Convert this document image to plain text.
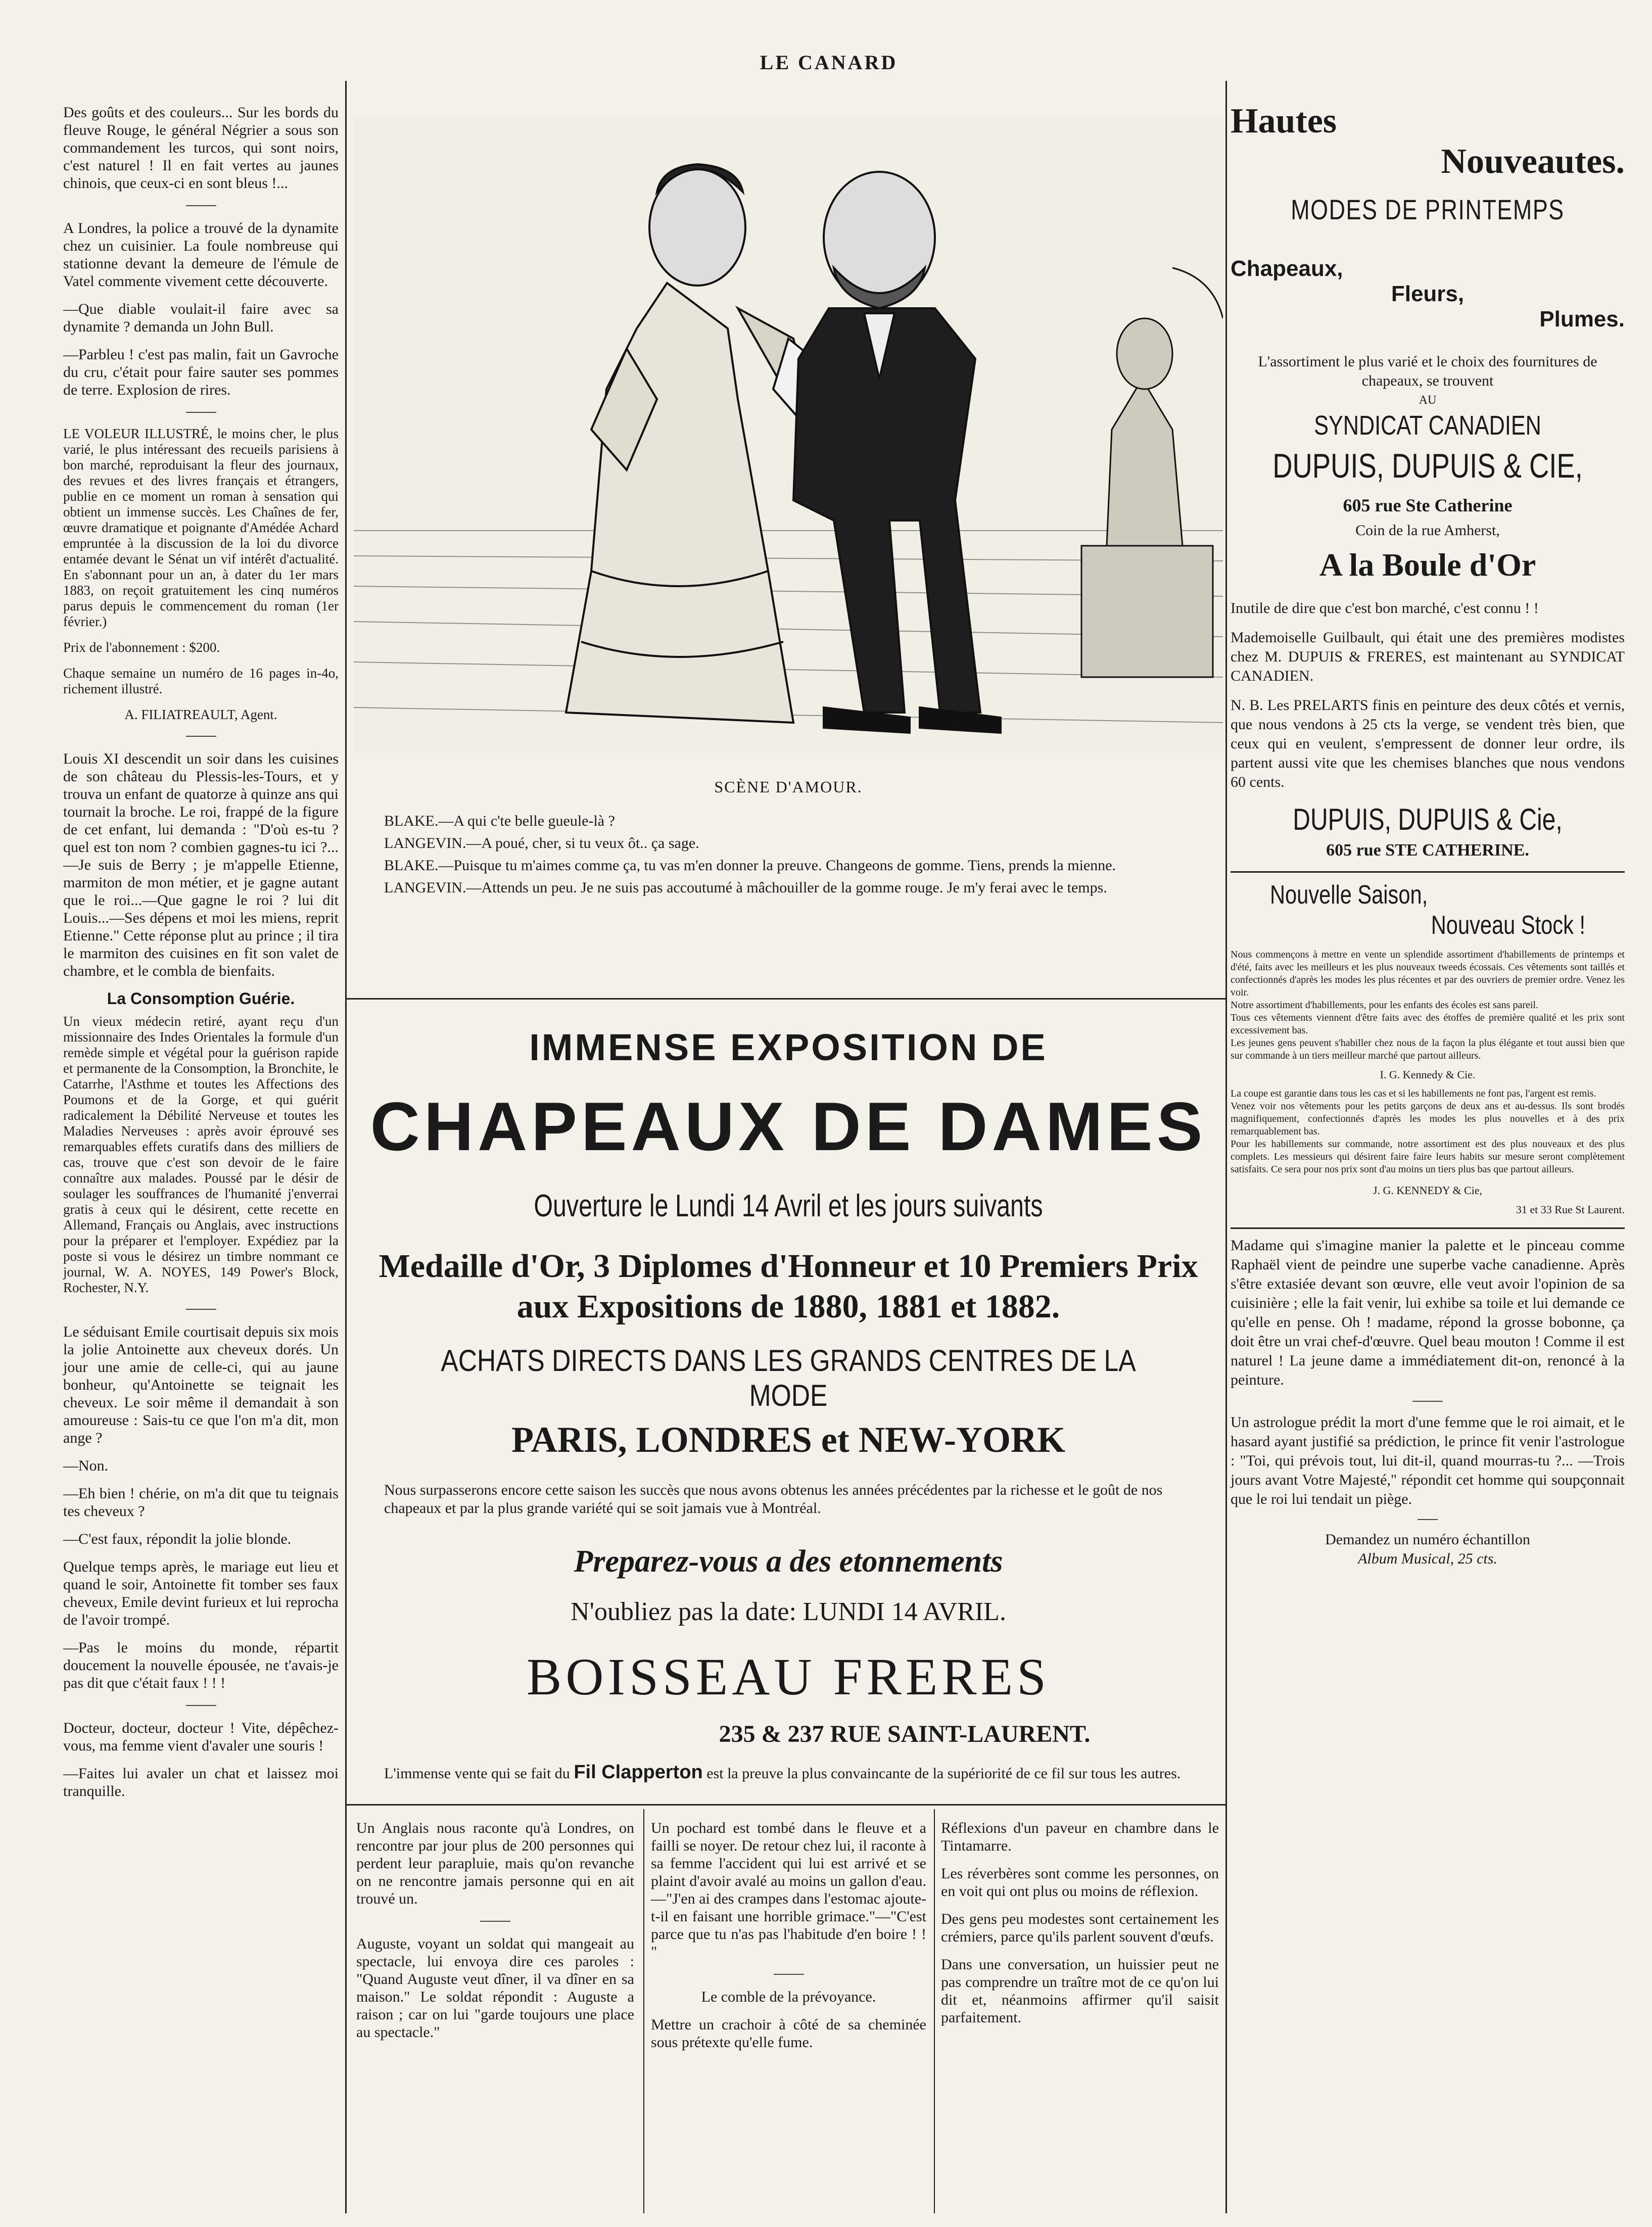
LE CANARD

Des goûts et des couleurs... Sur les bords du fleuve Rouge, le général Négrier a sous son commandement les turcos, qui sont noirs, c'est naturel ! Il en fait vertes au jaunes chinois, que ceux-ci en sont bleus !...

A Londres, la police a trouvé de la dynamite chez un cuisinier. La foule nombreuse qui stationne devant la demeure de l'émule de Vatel commente vivement cette découverte.

—Que diable voulait-il faire avec sa dynamite ? demanda un John Bull.

—Parbleu ! c'est pas malin, fait un Gavroche du cru, c'était pour faire sauter ses pommes de terre. Explosion de rires.

LE VOLEUR ILLUSTRÉ, le moins cher, le plus varié, le plus intéressant des recueils parisiens à bon marché, reproduisant la fleur des journaux, des revues et des livres français et étrangers, publie en ce moment un roman à sensation qui obtient un immense succès. Les Chaînes de fer, œuvre dramatique et poignante d'Amédée Achard empruntée à la discussion de la loi du divorce entamée devant le Sénat un vif intérêt d'actualité. En s'abonnant pour un an, à dater du 1er mars 1883, on reçoit gratuitement les cinq numéros parus depuis le commencement du roman (1er février.)

Prix de l'abonnement : $200.

Chaque semaine un numéro de 16 pages in-4o, richement illustré.

A. FILIATREAULT, Agent.

Louis XI descendit un soir dans les cuisines de son château du Plessis-les-Tours, et y trouva un enfant de quatorze à quinze ans qui tournait la broche. Le roi, frappé de la figure de cet enfant, lui demanda : "D'où es-tu ? quel est ton nom ? combien gagnes-tu ici ?... —Je suis de Berry ; je m'appelle Etienne, marmiton de mon métier, et je gagne autant que le roi...—Que gagne le roi ? lui dit Louis...—Ses dépens et moi les miens, reprit Etienne." Cette réponse plut au prince ; il tira le marmiton des cuisines en fit son valet de chambre, et le combla de bienfaits.

La Consomption Guérie.

Un vieux médecin retiré, ayant reçu d'un missionnaire des Indes Orientales la formule d'un remède simple et végétal pour la guérison rapide et permanente de la Consomption, la Bronchite, le Catarrhe, l'Asthme et toutes les Affections des Poumons et de la Gorge, et qui guérit radicalement la Débilité Nerveuse et toutes les Maladies Nerveuses : après avoir éprouvé ses remarquables effets curatifs dans des milliers de cas, trouve que c'est son devoir de le faire connaître aux malades. Poussé par le désir de soulager les souffrances de l'humanité j'enverrai gratis à ceux qui le désirent, cette recette en Allemand, Français ou Anglais, avec instructions pour la préparer et l'employer. Expédiez par la poste si vous le désirez un timbre nommant ce journal, W. A. NOYES, 149 Power's Block, Rochester, N.Y.

Le séduisant Emile courtisait depuis six mois la jolie Antoinette aux cheveux dorés. Un jour une amie de celle-ci, qui au jaune bonheur, qu'Antoinette se teignait les cheveux. Le soir même il demandait à son amoureuse : Sais-tu ce que l'on m'a dit, mon ange ?

—Non.

—Eh bien ! chérie, on m'a dit que tu teignais tes cheveux ?

—C'est faux, répondit la jolie blonde.

Quelque temps après, le mariage eut lieu et quand le soir, Antoinette fit tomber ses faux cheveux, Emile devint furieux et lui reprocha de l'avoir trompé.

—Pas le moins du monde, répartit doucement la nouvelle épousée, ne t'avais-je pas dit que c'était faux ! ! !

Docteur, docteur, docteur ! Vite, dépêchez-vous, ma femme vient d'avaler une souris !

—Faites lui avaler un chat et laissez moi tranquille.

SCÈNE D'AMOUR.

BLAKE.—A qui c'te belle gueule-là ?

LANGEVIN.—A poué, cher, si tu veux ôt.. ça sage.

BLAKE.—Puisque tu m'aimes comme ça, tu vas m'en donner la preuve. Changeons de gomme. Tiens, prends la mienne.

LANGEVIN.—Attends un peu. Je ne suis pas accoutumé à mâchouiller de la gomme rouge. Je m'y ferai avec le temps.

IMMENSE EXPOSITION DE
CHAPEAUX DE DAMES
Ouverture le Lundi 14 Avril et les jours suivants
Medaille d'Or, 3 Diplomes d'Honneur et 10 Premiers Prix aux Expositions de 1880, 1881 et 1882.
ACHATS DIRECTS DANS LES GRANDS CENTRES DE LA MODE
PARIS, LONDRES et NEW-YORK
Nous surpasserons encore cette saison les succès que nous avons obtenus les années précédentes par la richesse et le goût de nos chapeaux et par la plus grande variété qui se soit jamais vue à Montréal.
Preparez-vous a des etonnements
N'oubliez pas la date: LUNDI 14 AVRIL.
BOISSEAU FRERES
235 & 237 RUE SAINT-LAURENT.
L'immense vente qui se fait du Fil Clapperton est la preuve la plus convaincante de la supériorité de ce fil sur tous les autres.

Un Anglais nous raconte qu'à Londres, on rencontre par jour plus de 200 personnes qui perdent leur parapluie, mais qu'on revanche on ne rencontre jamais personne qui en ait trouvé un.

Auguste, voyant un soldat qui mangeait au spectacle, lui envoya dire ces paroles : "Quand Auguste veut dîner, il va dîner en sa maison." Le soldat répondit : Auguste a raison ; car on lui "garde toujours une place au spectacle."

Un pochard est tombé dans le fleuve et a failli se noyer. De retour chez lui, il raconte à sa femme l'accident qui lui est arrivé et se plaint d'avoir avalé au moins un gallon d'eau.—"J'en ai des crampes dans l'estomac ajoute-t-il en faisant une horrible grimace."—"C'est parce que tu n'as pas l'habitude d'en boire ! ! "

Le comble de la prévoyance.

Mettre un crachoir à côté de sa cheminée sous prétexte qu'elle fume.

Réflexions d'un paveur en chambre dans le Tintamarre.

Les réverbères sont comme les personnes, on en voit qui ont plus ou moins de réflexion.

Des gens peu modestes sont certainement les crémiers, parce qu'ils parlent souvent d'œufs.

Dans une conversation, un huissier peut ne pas comprendre un traître mot de ce qu'on lui dit et, néanmoins affirmer qu'il saisit parfaitement.

Hautes
Nouveautes.
MODES DE PRINTEMPS
Chapeaux,
Fleurs,
Plumes.

L'assortiment le plus varié et le choix des fournitures de chapeaux, se trouvent

AU

SYNDICAT CANADIEN
DUPUIS, DUPUIS & CIE,

605 rue Ste Catherine

Coin de la rue Amherst,

A la Boule d'Or

Inutile de dire que c'est bon marché, c'est connu ! !

Mademoiselle Guilbault, qui était une des premières modistes chez M. DUPUIS & FRERES, est maintenant au SYNDICAT CANADIEN.

N. B. Les PRELARTS finis en peinture des deux côtés et vernis, que nous vendons à 25 cts la verge, se vendent très bien, que ceux qui en veulent, s'empressent de donner leur ordre, ils partent aussi vite que les chemises blanches que nous vendons 60 cents.

DUPUIS, DUPUIS & Cie,

605 rue STE CATHERINE.

Nouvelle Saison,
Nouveau Stock !

Nous commençons à mettre en vente un splendide assortiment d'habillements de printemps et d'été, faits avec les meilleurs et les plus nouveaux tweeds écossais. Ces vêtements sont taillés et confectionnés d'après les modes les plus récentes et par des ouvriers de premier ordre. Venez les voir.

Notre assortiment d'habillements, pour les enfants des écoles est sans pareil.

Tous ces vêtements viennent d'être faits avec des étoffes de première qualité et les prix sont excessivement bas.

Les jeunes gens peuvent s'habiller chez nous de la façon la plus élégante et tout aussi bien que sur commande à un tiers meilleur marché que partout ailleurs.

I. G. Kennedy & Cie.

La coupe est garantie dans tous les cas et si les habillements ne font pas, l'argent est remis.

Venez voir nos vêtements pour les petits garçons de deux ans et au-dessus. Ils sont brodés magnifiquement, confectionnés d'après les modes les plus nouvelles et à des prix remarquablement bas.

Pour les habillements sur commande, notre assortiment est des plus nouveaux et des plus complets. Les messieurs qui désirent faire faire leurs habits sur mesure seront complètement satisfaits. Ce sera pour nos prix sont d'au moins un tiers plus bas que partout ailleurs.

J. G. KENNEDY & Cie,

31 et 33 Rue St Laurent.

Madame qui s'imagine manier la palette et le pinceau comme Raphaël vient de peindre une superbe vache canadienne. Après s'être extasiée devant son œuvre, elle veut avoir l'opinion de sa cuisinière ; elle la fait venir, lui exhibe sa toile et lui demande ce qu'elle en pense. Oh ! madame, répond la grosse bobonne, ça doit être un vrai chef-d'œuvre. Quel beau mouton ! Comme il est naturel ! La jeune dame a immédiatement dit-on, renoncé à la peinture.

Un astrologue prédit la mort d'une femme que le roi aimait, et le hasard ayant justifié sa prédiction, le prince fit venir l'astrologue : "Toi, qui prévois tout, lui dit-il, quand mourras-tu ?... —Trois jours avant Votre Majesté," répondit cet homme qui soupçonnait que le roi lui tendait un piège.

Demandez un numéro échantillon

Album Musical, 25 cts.
